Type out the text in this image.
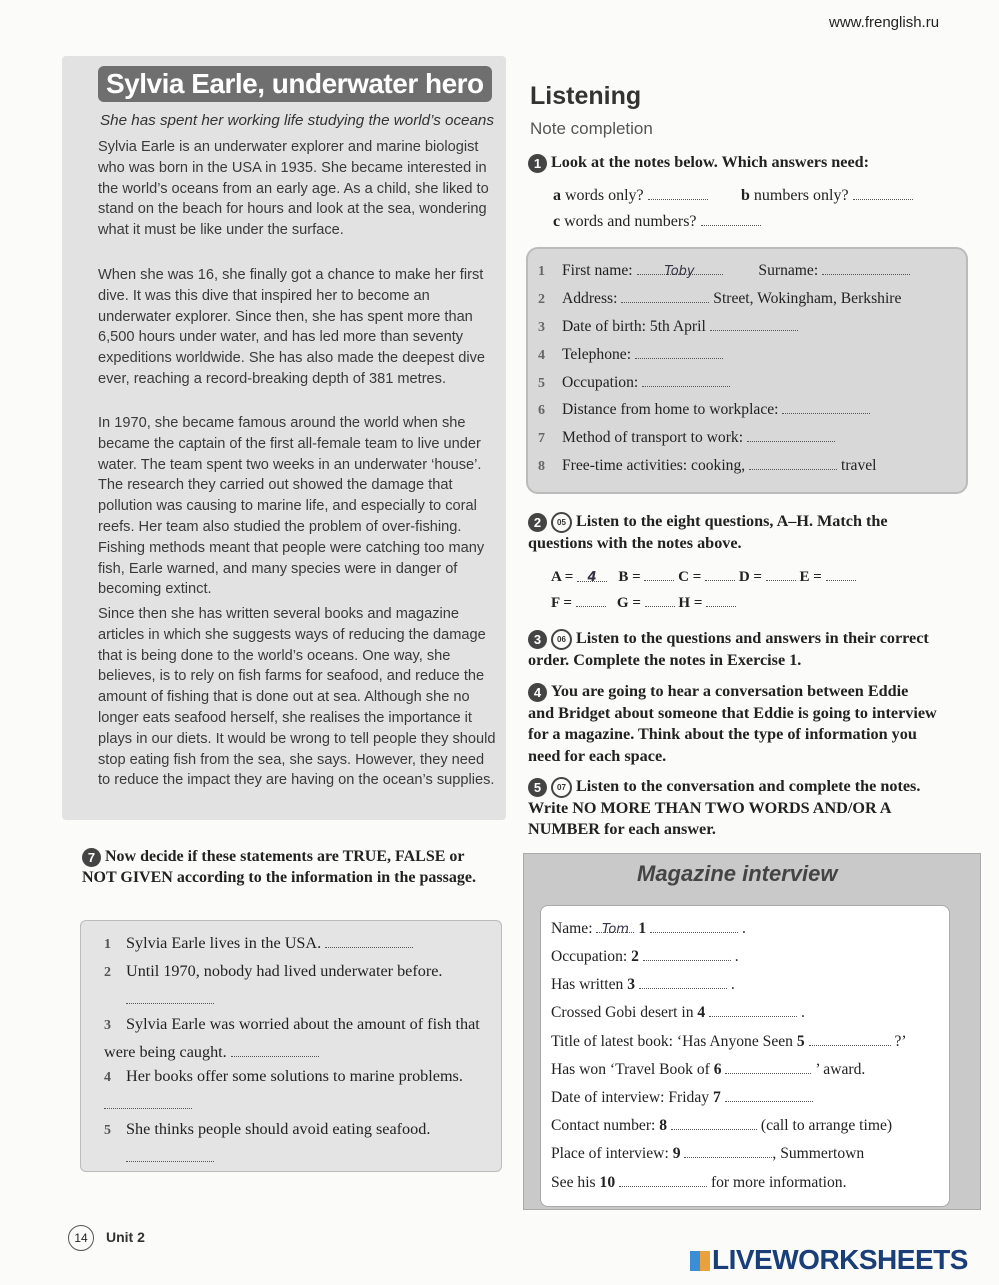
www.frenglish.ru
Sylvia Earle, underwater hero
She has spent her working life studying the world’s oceans

Sylvia Earle is an underwater explorer and marine biologist who was born in the USA in 1935. She became interested in the world’s oceans from an early age. As a child, she liked to stand on the beach for hours and look at the sea, wondering what it must be like under the surface.

When she was 16, she finally got a chance to make her first dive. It was this dive that inspired her to become an underwater explorer. Since then, she has spent more than 6,500 hours under water, and has led more than seventy expeditions worldwide. She has also made the deepest dive ever, reaching a record-breaking depth of 381 metres.

In 1970, she became famous around the world when she became the captain of the first all-female team to live under water. The team spent two weeks in an underwater ‘house’. The research they carried out showed the damage that pollution was causing to marine life, and especially to coral reefs. Her team also studied the problem of over-fishing. Fishing methods meant that people were catching too many fish, Earle warned, and many species were in danger of becoming extinct.

Since then she has written several books and magazine articles in which she suggests ways of reducing the damage that is being done to the world’s oceans. One way, she believes, is to rely on fish farms for seafood, and reduce the amount of fishing that is done out at sea. Although she no longer eats seafood herself, she realises the importance it plays in our diets. It would be wrong to tell people they should stop eating fish from the sea, she says. However, they need to reduce the impact they are having on the ocean’s supplies.

7 Now decide if these statements are TRUE, FALSE or NOT GIVEN according to the information in the passage.
1 Sylvia Earle lives in the USA.
2 Until 1970, nobody had lived underwater before.

3 Sylvia Earle was worried about the amount of fish that were being caught.
4 Her books offer some solutions to marine problems.
5 She thinks people should avoid eating seafood.

Listening
Note completion
1 Look at the notes below. Which answers need:
a words only?	b numbers only?
c words and numbers?
1 First name: Toby	Surname:
2 Address:	Street, Wokingham, Berkshire
3 Date of birth: 5th April
4 Telephone:
5 Occupation:
6 Distance from home to workplace:
7 Method of transport to work:
8 Free-time activities: cooking,	travel
2 05 Listen to the eight questions, A–H. Match the questions with the notes above.
A = 4 B =	C =	D =	E =
F =	G =	H =
3 06 Listen to the questions and answers in their correct order. Complete the notes in Exercise 1.
4 You are going to hear a conversation between Eddie and Bridget about someone that Eddie is going to interview for a magazine. Think about the type of information you need for each space.
5 07 Listen to the conversation and complete the notes. Write NO MORE THAN TWO WORDS AND/OR A NUMBER for each answer.
Magazine interview
Name: Tom 1	.
Occupation: 2	.
Has written 3	.
Crossed Gobi desert in 4	.
Title of latest book: ‘Has Anyone Seen 5	?’
Has won ‘Travel Book of 6	’ award.
Date of interview: Friday 7
Contact number: 8	(call to arrange time)
Place of interview: 9	, Summertown
See his 10	for more information.
14	Unit 2
LIVEWORKSHEETS
